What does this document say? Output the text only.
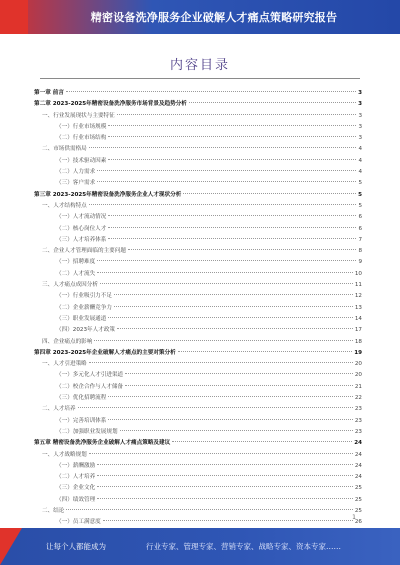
精密设备洗净服务企业破解人才痛点策略研究报告
内容目录
第一章 前言	3
第二章 2023-2025年精密设备洗净服务市场背景及趋势分析	3
一、行业发展现状与主要特征	3
（一）行业市场规模	3
（二）行业市场结构	3
二、市场供需格局	4
（一）技术驱动因素	4
（二）人力需求	4
（三）客户需求	5
第三章 2023-2025年精密设备洗净服务企业人才现状分析	5
一、人才结构特点	5
（一）人才流动情况	6
（二）核心岗位人才	6
（三）人才培养体系	7
二、企业人才管理面临的主要问题	8
（一）招聘难度	9
（二）人才流失	10
三、人才痛点成因分析	11
（一）行业吸引力不足	12
（二）企业薪酬竞争力	13
（三）职业发展通道	14
（四）2023年人才政策	17
四、企业痛点的影响	18
第四章 2023-2025年企业破解人才痛点的主要对策分析	19
一、人才引进策略	20
（一）多元化人才引进渠道	20
（二）校企合作与人才储备	21
（三）优化招聘流程	22
二、人才培养	23
（一）完善培训体系	23
（二）加强职业发展规划	23
第五章 精密设备洗净服务企业破解人才痛点策略及建议	24
一、人才战略规划	24
（一）薪酬激励	24
（二）人才培养	24
（三）企业文化	25
（四）绩效管理	25
二、结论	25
（一）员工满意度	26
1
让每个人都能成为	行业专家、管理专家、营销专家、战略专家、资本专家……
